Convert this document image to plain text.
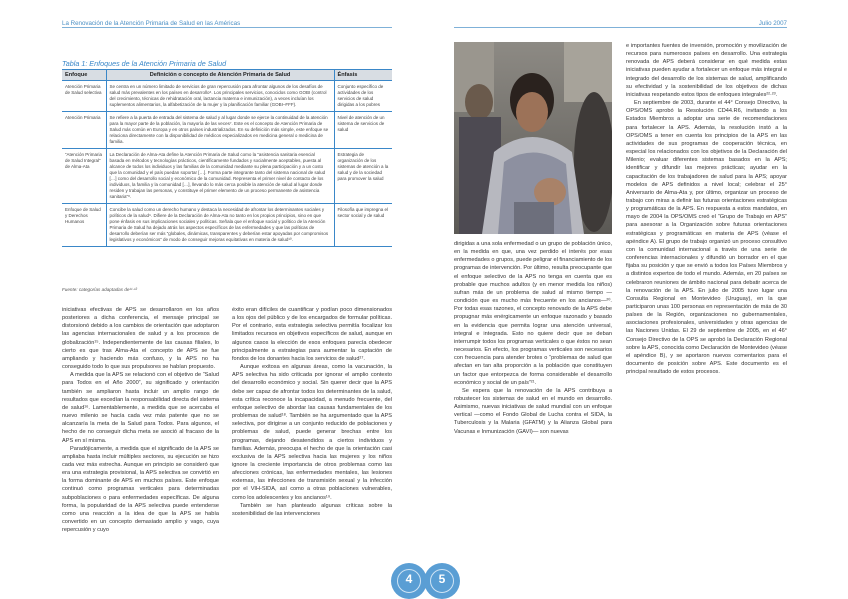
La Renovación de la Atención Primaria de Salud en las Américas	Julio 2007
Tabla 1: Enfoques de la Atención Primaria de Salud
Enfoque	Definición o concepto de Atención Primaria de Salud	Énfasis
Atención Primaria de Salud selectiva	Se centra en un número limitado de servicios de gran repercusión para afrontar algunos de los desafíos de salud más prevalentes en los países en desarrollo⁶. Los principales servicios, conocidos como GOBI (control del crecimiento, técnicas de rehidratación oral, lactancia materna e inmunización), a veces incluían los suplementos alimentarios, la alfabetización de la mujer y la planificación familiar (GOBI–FFF).	Conjunto específico de actividades de los servicios de salud dirigidas a los pobres
Atención Primaria	Se refiere a la puerta de entrada del sistema de salud y al lugar donde se ejerce la continuidad de la atención para la mayor parte de la población, la mayoría de las veces⁷. Este es el concepto de Atención Primaria de Salud más común en Europa y en otros países industrializados. En su definición más simple, este enfoque se relaciona directamente con la disponibilidad de médicos especializados en medicina general o medicina de familia.	Nivel de atención de un sistema de servicios de salud
“Atención Primaria de Salud Integral” de Alma-Ata	La Declaración de Alma-Ata define la Atención Primaria de Salud como la “asistencia sanitaria esencial basada en métodos y tecnologías prácticos, científicamente fundados y socialmente aceptables, puesta al alcance de todos los individuos y las familias de la comunidad mediante su plena participación y a un costo que la comunidad y el país puedan soportar […]. Forma parte integrante tanto del sistema nacional de salud […] como del desarrollo social y económico de la comunidad. Representa el primer nivel de contacto de los individuos, la familia y la comunidad […], llevando lo más cerca posible la atención de salud al lugar donde residen y trabajan las personas, y constituye el primer elemento de un proceso permanente de asistencia sanitaria”⁸.	Estrategia de organización de los sistemas de atención a la salud y de la sociedad para promover la salud
Enfoque de Salud y Derechos Humanos	Concibe la salud como un derecho humano y destaca la necesidad de afrontar los determinantes sociales y políticos de la salud⁹. Difiere de la Declaración de Alma-Ata no tanto en los propios principios, sino en que pone énfasis en sus implicaciones sociales y políticas. Señala que el enfoque social y político de la Atención Primaria de Salud ha dejado atrás los aspectos específicos de las enfermedades y que las políticas de desarrollo deberían ser más “globales, dinámicas, transparentes y deberían estar apoyadas por compromisos legislativos y económicos” de modo de conseguir mejoras equitativas en materia de salud¹⁰.	Filosofía que impregna el sector social y de salud
Fuente: categorías adaptadas de¹¹·¹²

iniciativas efectivas de APS se desarrollaron en los años posteriores a dicha conferencia, el mensaje principal se distorsionó debido a los cambios de orientación que adoptaron las agencias internacionales de salud y a los procesos de globalización¹⁵. Independientemente de las causas filiales, lo cierto es que tras Alma-Ata el concepto de APS se fue ampliando y haciendo más confuso, y la APS no ha conseguido todo lo que sus propulsores se habían propuesto.

A medida que la APS se relacionó con el objetivo de “Salud para Todos en el Año 2000”, su significado y orientación también se ampliaron hasta incluir un amplio rango de resultados que excedían la responsabilidad directa del sistema de salud¹⁶. Lamentablemente, a medida que se acercaba el nuevo milenio se hacía cada vez más patente que no se alcanzaría la meta de la Salud para Todos. Para algunos, el hecho de no conseguir dicha meta se asoció al fracaso de la APS en sí misma.

Paradójicamente, a medida que el significado de la APS se ampliaba hasta incluir múltiples sectores, su ejecución se hizo cada vez más estrecha. Aunque en principio se consideró que era una estrategia provisional, la APS selectiva se convirtió en la forma dominante de APS en muchos países. Este enfoque continuó como programas verticales para determinadas subpoblaciones o para enfermedades específicas. De alguna forma, la popularidad de la APS selectiva puede entenderse como una reacción a la idea de que la APS se había convertido en un concepto demasiado amplio y vago, cuya repercusión y cuyo

éxito eran difíciles de cuantificar y podían poco dimensionados a los ojos del público y de los encargados de formular políticas. Por el contrario, esta estrategia selectiva permitía focalizar los limitados recursos en objetivos específicos de salud, aunque en algunos casos la elección de esos enfoques parecía obedecer principalmente a estrategias para aumentar la captación de fondos de los donantes hacia los servicios de salud¹⁷.

Aunque exitosa en algunas áreas, como la vacunación, la APS selectiva ha sido criticada por ignorar el amplio contexto del desarrollo económico y social. Sin querer decir que la APS debe ser capaz de afrontar todos los determinantes de la salud, esta crítica reconoce la incapacidad, a menudo frecuente, del enfoque selectivo de abordar las causas fundamentales de los problemas de salud¹⁸. También se ha argumentado que la APS selectiva, por dirigirse a un conjunto reducido de poblaciones y problemas de salud, puede generar brechas entre los programas, dejando desatendidos a ciertos individuos y familias. Además, preocupa el hecho de que la orientación casi exclusiva de la APS selectiva hacia las mujeres y los niños ignore la creciente importancia de otros problemas como las afecciones crónicas, las enfermedades mentales, las lesiones externas, las infecciones de transmisión sexual y la infección por el VIH-SIDA, así como a otras poblaciones vulnerables, como los adolescentes y los ancianos¹⁹.

También se han planteado algunas críticas sobre la sostenibilidad de las intervenciones

dirigidas a una sola enfermedad o un grupo de población único, en la medida en que, una vez perdido el interés por esas enfermedades o grupos, puede peligrar el financiamiento de los programas de intervención. Por último, resulta preocupante que el enfoque selectivo de la APS no tenga en cuenta que es probable que muchos adultos (y en menor medida los niños) sufran más de un problema de salud al mismo tiempo —condición que es mucho más frecuente en los ancianos—²⁰. Por todas esas razones, el concepto renovado de la APS debe propugnar más enérgicamente un enfoque razonado y basado en la evidencia que permita lograr una atención universal, integral e integrada. Esto no quiere decir que se deban interrumpir todos los programas verticales o que éstos no sean necesarios. En efecto, los programas verticales son necesarios con frecuencia para atender brotes o “problemas de salud que afectan en tan alta proporción a la población que constituyen un factor que entorpezca de forma considerable el desarrollo económico y social de un país”²¹.

Se espera que la renovación de la APS contribuya a robustecer los sistemas de salud en el mundo en desarrollo. Asimismo, nuevas iniciativas de salud mundial con un enfoque vertical —como el Fondo Global de Lucha contra el SIDA, la Tuberculosis y la Malaria (GFATM) y la Alianza Global para Vacunas e Inmunización (GAVI)— son nuevas

e importantes fuentes de inversión, promoción y movilización de recursos para numerosos países en desarrollo. Una estrategia renovada de APS deberá considerar en qué medida estas iniciativas pueden ayudar a fortalecer un enfoque más integral e integrado del desarrollo de los sistemas de salud, amplificando su efectividad y la sostenibilidad de los objetivos de dichas iniciativas respetando estos tipos de enfoques integrales²²·²³.

En septiembre de 2003, durante el 44° Consejo Directivo, la OPS/OMS aprobó la Resolución CD44.R6, invitando a los Estados Miembros a adoptar una serie de recomendaciones para fortalecer la APS. Además, la resolución instó a la OPS/OMS a tener en cuenta los principios de la APS en las actividades de sus programas de cooperación técnica, en especial los relacionados con los objetivos de la Declaración del Milenio; evaluar diferentes sistemas basados en la APS; identificar y difundir las mejores prácticas; ayudar en la capacitación de los trabajadores de salud para la APS; apoyar modelos de APS definidos a nivel local; celebrar el 25° Aniversario de Alma-Ata y, por último, organizar un proceso de trabajo con miras a definir las futuras orientaciones estratégicas y programáticas de la APS. En respuesta a estos mandatos, en mayo de 2004 la OPS/OMS creó el “Grupo de Trabajo en APS” para asesorar a la Organización sobre futuras orientaciones estratégicas y programáticas en materia de APS (véase el apéndice A). El grupo de trabajo organizó un proceso consultivo con la comunidad internacional a través de una serie de conferencias internacionales y difundió un borrador en el que fijaba su posición y que se envió a todos los Países Miembros y a distintos expertos de todo el mundo. Además, en 20 países se celebraron reuniones de ámbito nacional para debatir acerca de la renovación de la APS. En julio de 2005 tuvo lugar una Consulta Regional en Montevideo (Uruguay), en la que participaron unas 100 personas en representación de más de 30 países de la Región, organizaciones no gubernamentales, asociaciones profesionales, universidades y otras agencias de las Naciones Unidas. El 29 de septiembre de 2005, en el 46° Consejo Directivo de la OPS se aprobó la Declaración Regional sobre la APS, conocida como Declaración de Montevideo (véase el apéndice B), y se aportaron nuevos comentarios para el documento de posición sobre APS. Este documento es el principal resultado de estos procesos.

4	5
